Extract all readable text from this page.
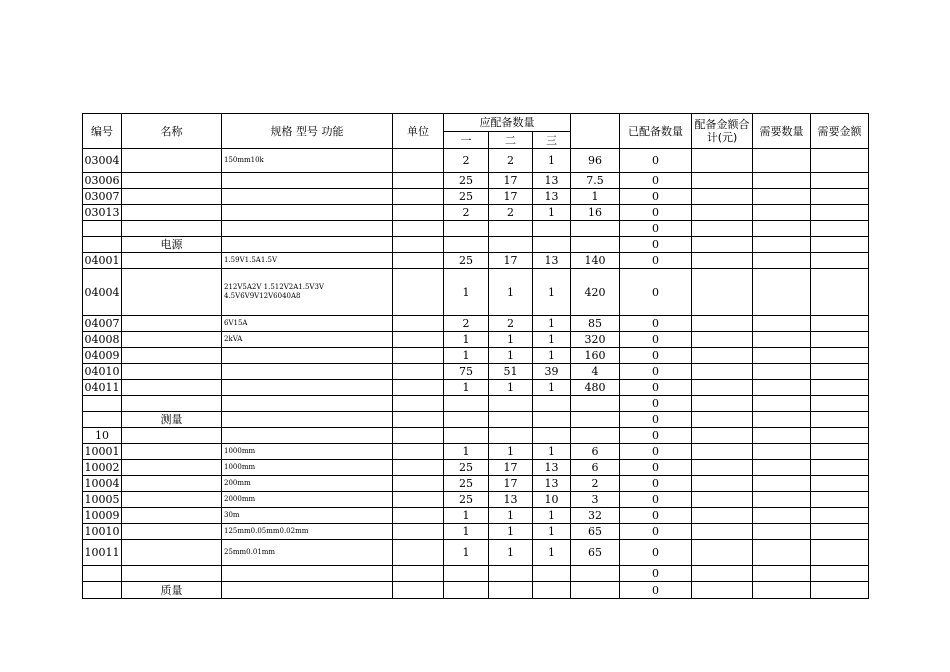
编号	名称	规格 型号 功能	单位	应配备数量				已配备数量	配备金额合计(元)	需要数量	需要金额
				一	二	三					
03004		150mm10k		2	2	1	96	0			
03006				25	17	13	7.5	0			
03007				25	17	13	1	0			
03013				2	2	1	16	0			
								0			
	电源							0			
04001		1.59V1.5A1.5V		25	17	13	140	0			
04004		212V5A2V 1.512V2A1.5V3V 4.5V6V9V12V6040A8		1	1	1	420	0			
04007		6V15A		2	2	1	85	0			
04008		2kVA		1	1	1	320	0			
04009				1	1	1	160	0			
04010				75	51	39	4	0			
04011				1	1	1	480	0			
								0			
	测量							0			
10								0			
10001		1000mm		1	1	1	6	0			
10002		1000mm		25	17	13	6	0			
10004		200mm		25	17	13	2	0			
10005		2000mm		25	13	10	3	0			
10009		30m		1	1	1	32	0			
10010		125mm0.05mm0.02mm		1	1	1	65	0			
10011		25mm0.01mm		1	1	1	65	0			
								0			
	质量							0			
